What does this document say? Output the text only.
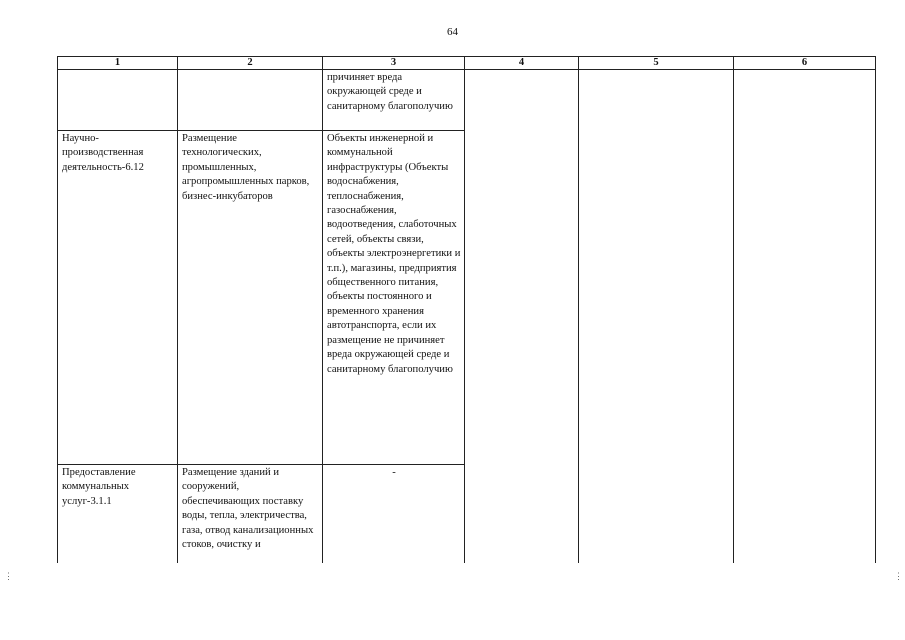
64
1	2	3	4	5	6
		причиняет вреда окружающей среде и санитарному благополучию			
Научно-производственная деятельность-6.12	Размещение технологических, промышленных, агропромышленных парков, бизнес-инкубаторов	Объекты инженерной и коммунальной инфраструктуры (Объекты водоснабжения, теплоснабжения, газоснабжения, водоотведения, слаботочных сетей, объекты связи, объекты электроэнергетики и т.п.), магазины, предприятия общественного питания, объекты постоянного и временного хранения автотранспорта, если их размещение не причиняет вреда окружающей среде и санитарному благополучию			
Предоставление коммунальных услуг-3.1.1	Размещение зданий и сооружений, обеспечивающих поставку воды, тепла, электричества, газа, отвод канализационных стоков, очистку и	-			
⋮	⋮
